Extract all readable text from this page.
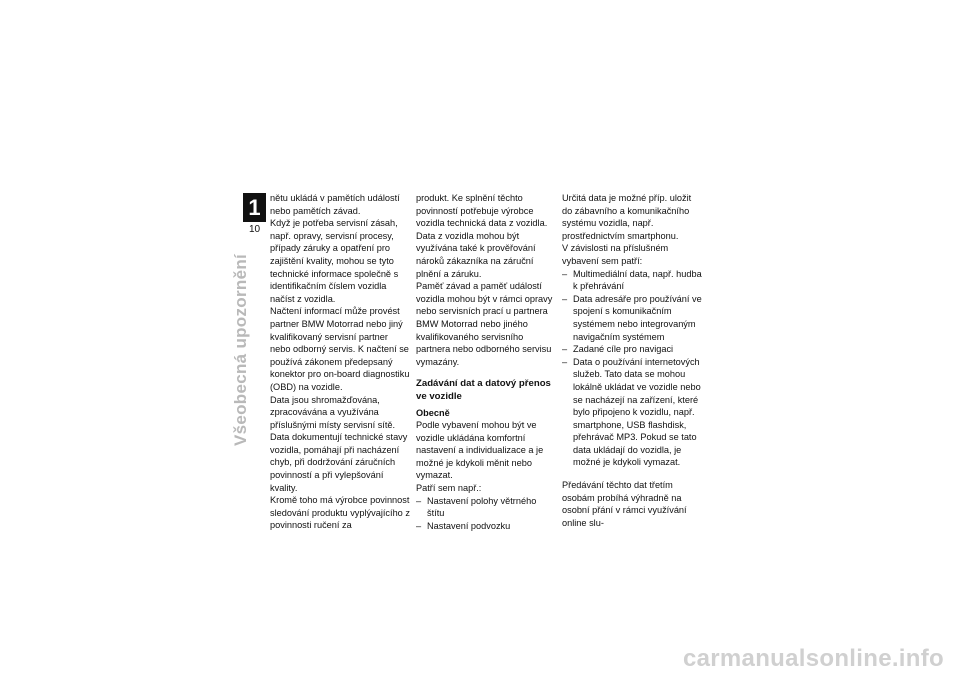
Všeobecná upozornění
1
10

nětu ukládá v pamětích událostí nebo pamětích závad.

Když je potřeba servisní zásah, např. opravy, servisní procesy, případy záruky a opatření pro zajištění kvality, mohou se tyto technické informace společně s identifikačním číslem vozidla načíst z vozidla.

Načtení informací může provést partner BMW Motorrad nebo jiný kvalifikovaný servisní partner nebo odborný servis. K načtení se používá zákonem předepsaný konektor pro on-board diagnostiku (OBD) na vozidle.

Data jsou shromažďována, zpracovávána a využívána příslušnými místy servisní sítě. Data dokumentují technické stavy vozidla, pomáhají při nacházení chyb, při dodržování záručních povinností a při vylepšování kvality.

Kromě toho má výrobce povinnost sledování produktu vyplývajícího z povinnosti ručení za

produkt. Ke splnění těchto povinností potřebuje výrobce vozidla technická data z vozidla. Data z vozidla mohou být využívána také k prověřování nároků zákazníka na záruční plnění a záruku.

Paměť závad a paměť událostí vozidla mohou být v rámci opravy nebo servisních prací u partnera BMW Motorrad nebo jiného kvalifikovaného servisního partnera nebo odborného servisu vymazány.

Zadávání dat a datový přenos ve vozidle

Obecně

Podle vybavení mohou být ve vozidle ukládána komfortní nastavení a individualizace a je možné je kdykoli měnit nebo vymazat.

Patří sem např.:

– Nastavení polohy větrného štítu
– Nastavení podvozku

Určitá data je možné příp. uložit do zábavního a komunikačního systému vozidla, např. prostřednictvím smartphonu.

V závislosti na příslušném vybavení sem patří:

– Multimediální data, např. hudba k přehrávání
– Data adresáře pro používání ve spojení s komunikačním systémem nebo integrovaným navigačním systémem
– Zadané cíle pro navigaci
– Data o používání internetových služeb. Tato data se mohou lokálně ukládat ve vozidle nebo se nacházejí na zařízení, které bylo připojeno k vozidlu, např. smartphone, USB flashdisk, přehrávač MP3. Pokud se tato data ukládají do vozidla, je možné je kdykoli vymazat.

Předávání těchto dat třetím osobám probíhá výhradně na osobní přání v rámci využívání online slu-

carmanualsonline.info
